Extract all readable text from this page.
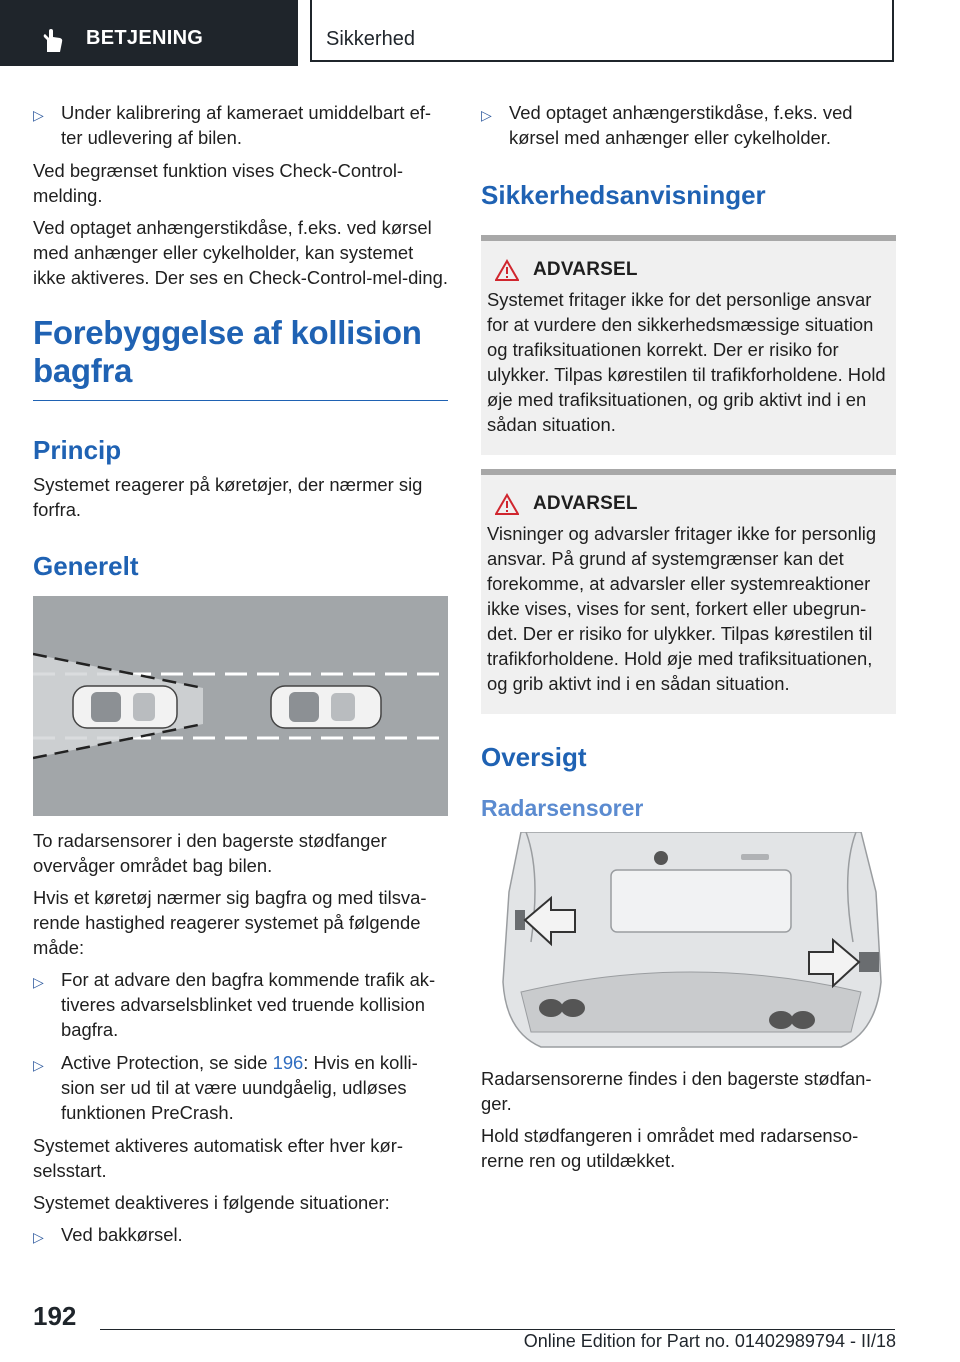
BETJENING	Sikkerhed
▷ Under kalibrering af kameraet umiddelbart ef-ter udlevering af bilen.

Ved begrænset funktion vises Check-Control-melding.

Ved optaget anhængerstikdåse, f.eks. ved kørsel med anhænger eller cykelholder, kan systemet ikke aktiveres. Der ses en Check-Control-mel-ding.

Forebyggelse af kollision bagfra
Princip

Systemet reagerer på køretøjer, der nærmer sig forfra.

Generelt

To radarsensorer i den bagerste stødfanger overvåger området bag bilen.

Hvis et køretøj nærmer sig bagfra og med tilsva-rende hastighed reagerer systemet på følgende måde:

▷ For at advare den bagfra kommende trafik ak-tiveres advarselsblinket ved truende kollision bagfra.
▷ Active Protection, se side 196: Hvis en kolli-sion ser ud til at være uundgåelig, udløses funktionen PreCrash.

Systemet aktiveres automatisk efter hver kør-selsstart.

Systemet deaktiveres i følgende situationer:

▷ Ved bakkørsel.
▷ Ved optaget anhængerstikdåse, f.eks. ved kørsel med anhænger eller cykelholder.
Sikkerhedsanvisninger
ADVARSEL

Systemet fritager ikke for det personlige ansvar for at vurdere den sikkerhedsmæssige situation og trafiksituationen korrekt. Der er risiko for ulykker. Tilpas kørestilen til trafikforholdene. Hold øje med trafiksituationen, og grib aktivt ind i en sådan situation.

ADVARSEL

Visninger og advarsler fritager ikke for personlig ansvar. På grund af systemgrænser kan det forekomme, at advarsler eller systemreaktioner ikke vises, vises for sent, forkert eller ubegrun-det. Der er risiko for ulykker. Tilpas kørestilen til trafikforholdene. Hold øje med trafiksituationen, og grib aktivt ind i en sådan situation.

Oversigt
Radarsensorer

Radarsensorerne findes i den bagerste stødfan-ger.

Hold stødfangeren i området med radarsenso-rerne ren og utildækket.

192
Online Edition for Part no. 01402989794 - II/18
